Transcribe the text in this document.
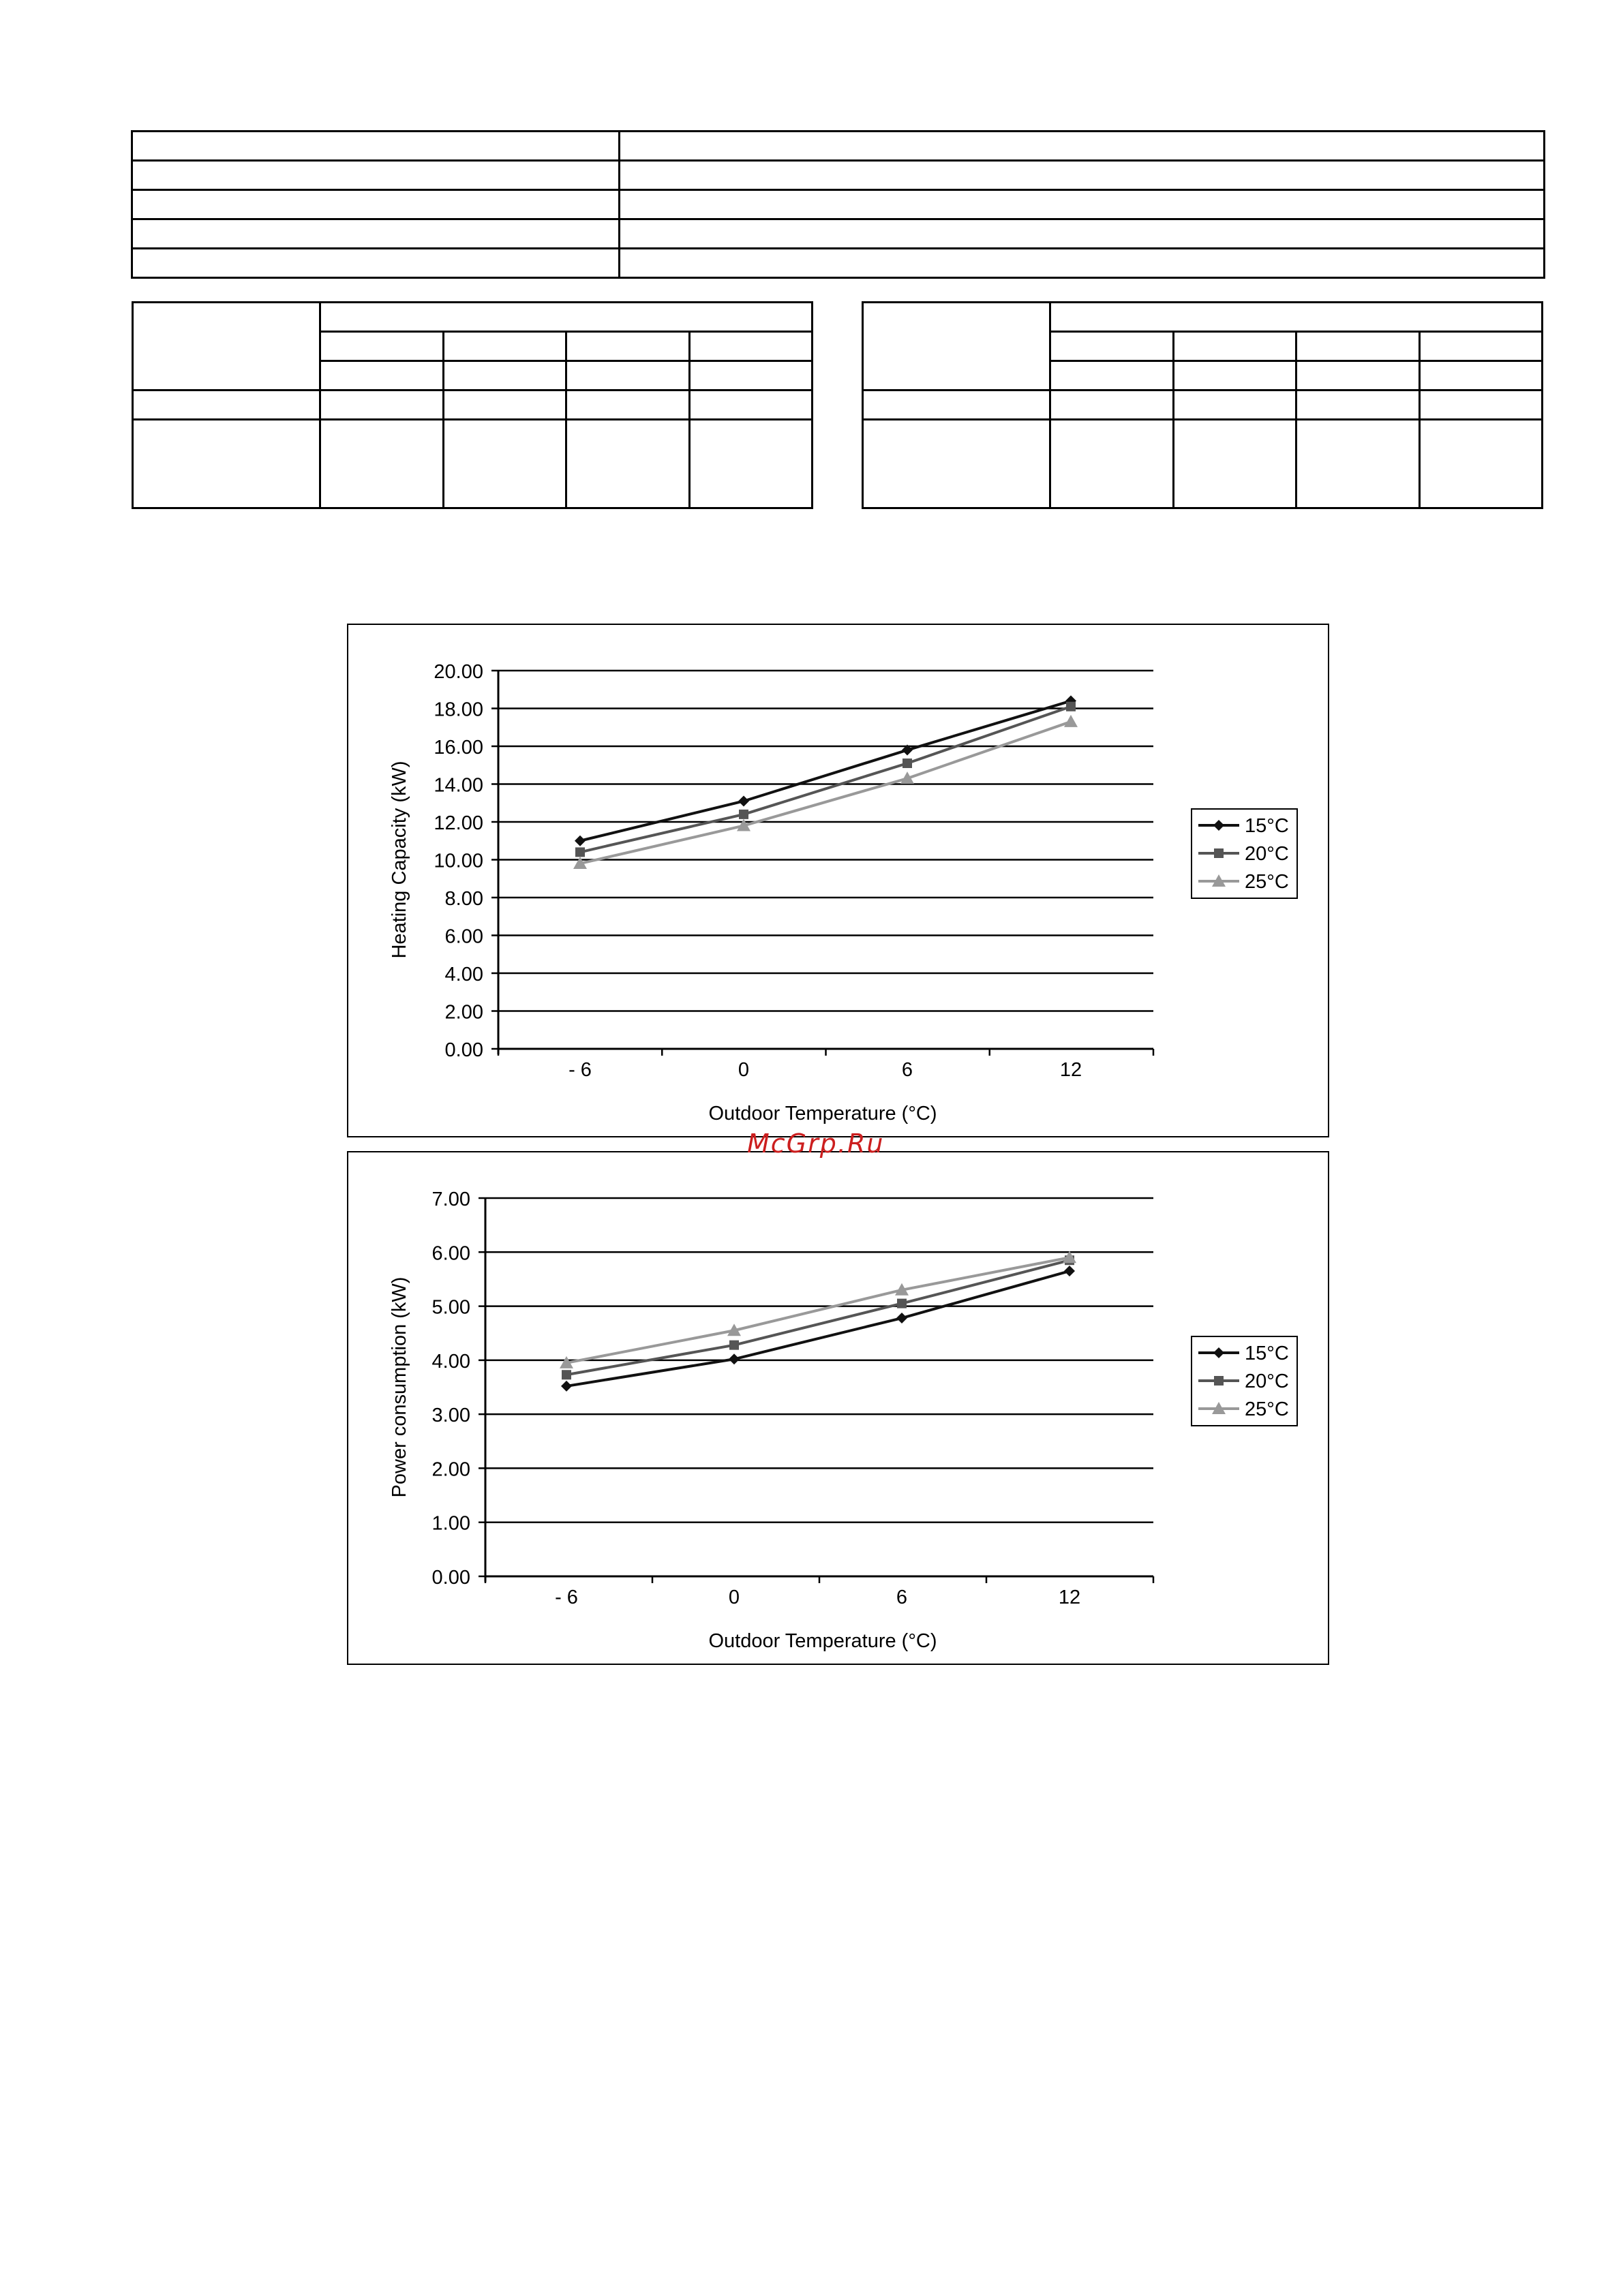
0.00
2.00
4.00
6.00
8.00
10.00
12.00
14.00
16.00
18.00
20.00
- 6	0	6	12
Outdoor Temperature (°C)
Heating Capacity (kW)	15°C
20°C
25°C
0.00
1.00
2.00
3.00
4.00
5.00
6.00
7.00
- 6	0	6	12
Outdoor Temperature (°C)
Power consumption (kW)	15°C
20°C
25°C
McGrp.Ru
